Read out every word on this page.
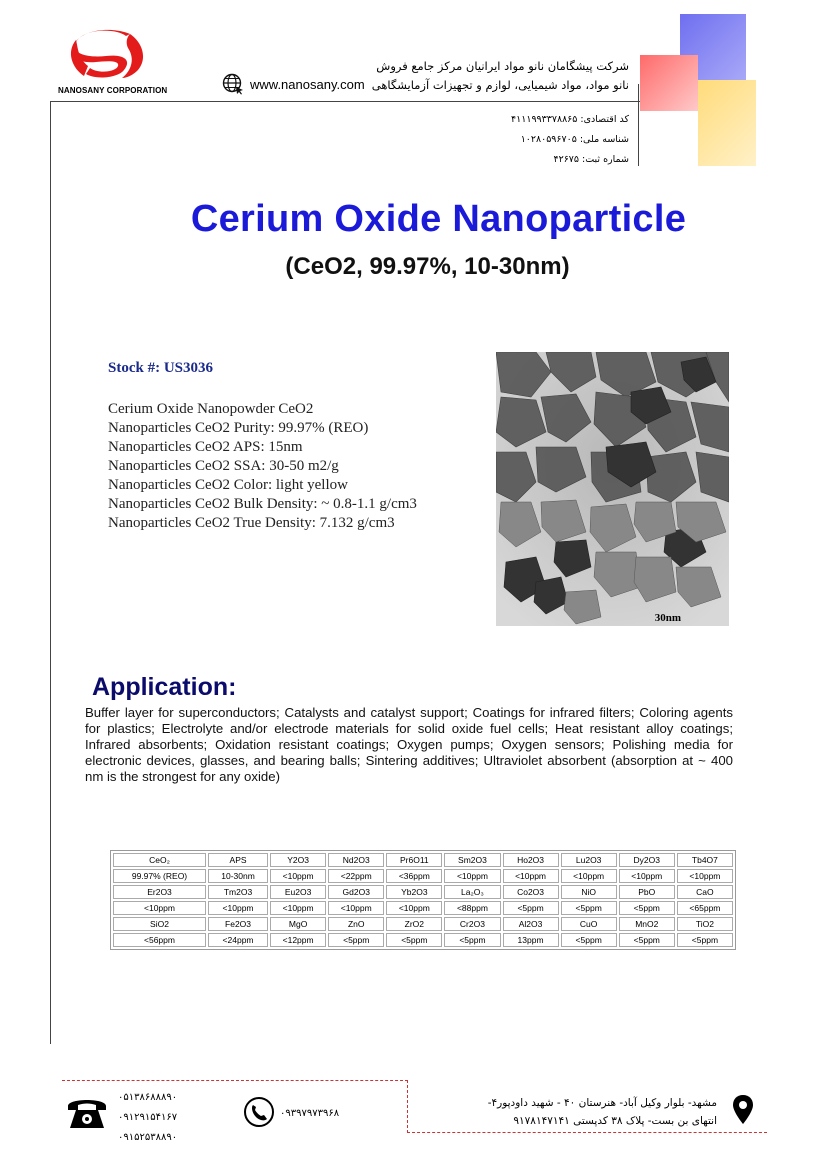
NANOSANY CORPORATION	www.nanosany.com
شرکت پیشگامان نانو مواد ایرانیان مرکز جامع فروش
نانو مواد، مواد شیمیایی، لوازم و تجهیزات آزمایشگاهی
کد اقتصادی: ۴۱۱۱۹۹۳۳۷۸۸۶۵
شناسه ملی: ۱۰۲۸۰۵۹۶۷۰۵
شماره ثبت: ۴۲۶۷۵
Cerium Oxide Nanoparticle
(CeO2, 99.97%, 10-30nm)
Stock #: US3036
Cerium Oxide Nanopowder CeO2
Nanoparticles CeO2 Purity: 99.97% (REO)
Nanoparticles CeO2 APS: 15nm
Nanoparticles CeO2 SSA: 30-50 m2/g
Nanoparticles CeO2 Color: light yellow
Nanoparticles CeO2 Bulk Density: ~ 0.8-1.1 g/cm3
Nanoparticles CeO2 True Density: 7.132 g/cm3
30nm
Application:
Buffer layer for superconductors; Catalysts and catalyst support; Coatings for infrared filters; Coloring agents for plastics; Electrolyte and/or electrode materials for solid oxide fuel cells; Heat resistant alloy coatings; Infrared absorbents; Oxidation resistant coatings; Oxygen pumps; Oxygen sensors; Polishing media for electronic devices, glasses, and bearing balls; Sintering additives; Ultraviolet absorbent (absorption at ~ 400 nm is the strongest for any oxide)
CeO₂	APS	Y2O3	Nd2O3	Pr6O11	Sm2O3	Ho2O3	Lu2O3	Dy2O3	Tb4O7
99.97% (REO)	10-30nm	<10ppm	<22ppm	<36ppm	<10ppm	<10ppm	<10ppm	<10ppm	<10ppm
Er2O3	Tm2O3	Eu2O3	Gd2O3	Yb2O3	La₂O₃	Co2O3	NiO	PbO	CaO
<10ppm	<10ppm	<10ppm	<10ppm	<10ppm	<88ppm	<5ppm	<5ppm	<5ppm	<65ppm
SiO2	Fe2O3	MgO	ZnO	ZrO2	Cr2O3	Al2O3	CuO	MnO2	TiO2
<56ppm	<24ppm	<12ppm	<5ppm	<5ppm	<5ppm	13ppm	<5ppm	<5ppm	<5ppm
۰۵۱۳۸۶۸۸۸۹۰
۰۹۱۲۹۱۵۴۱۶۷
۰۹۱۵۲۵۳۸۸۹۰
۰۹۳۹۷۹۷۳۹۶۸
مشهد- بلوار وکیل آباد- هنرستان ۴۰ - شهید داودپور۴-
انتهای بن بست- پلاک ۳۸ کدپستی ۹۱۷۸۱۴۷۱۴۱
